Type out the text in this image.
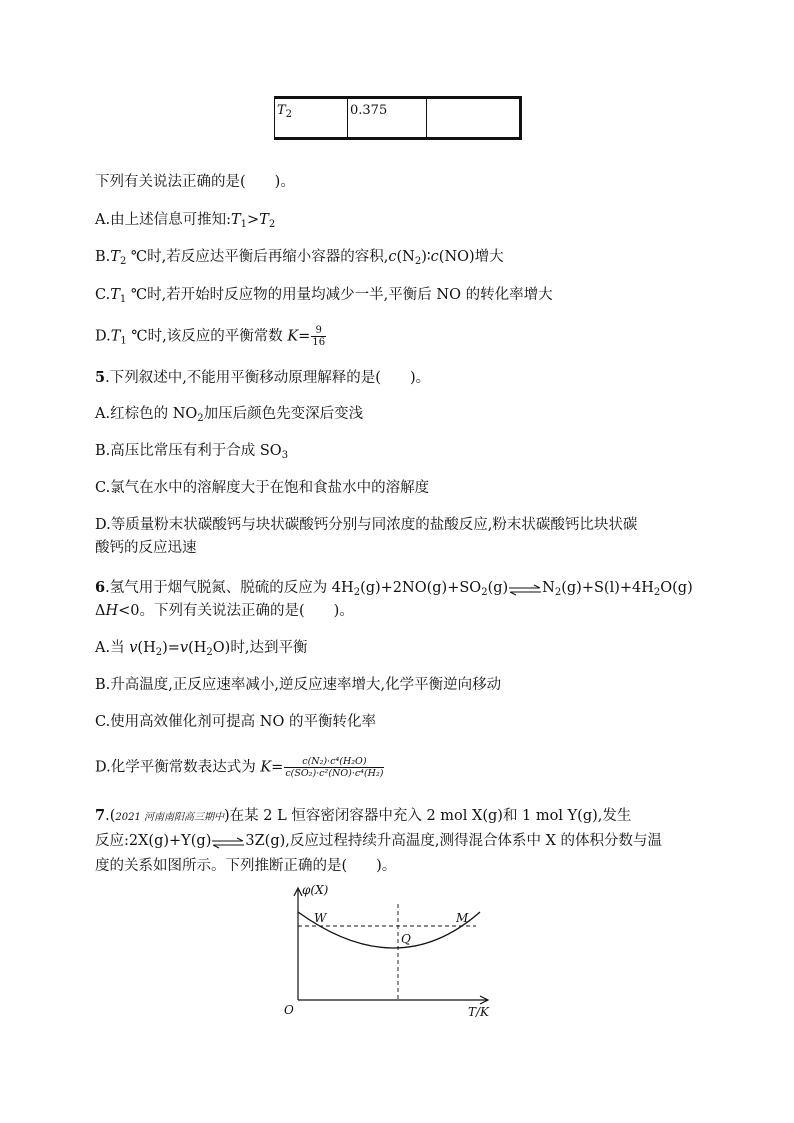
$T_2$	0.375	
下列有关说法正确的是(　　)。
A.由上述信息可推知$:T_1>T_2$
$B.T_2$ ℃时,若反应达平衡后再缩小容器的容积$,c(N_2)∶c(NO)$增大
$C.T_1$ ℃时,若开始时反应物的用量均减少一半,平衡后 NO 的转化率增大
$D.T_1$ ℃时,该反应的平衡常数 $K= \frac{9}{16}$
5.下列叙述中,不能用平衡移动原理解释的是(　　)。
A.红棕色的 $NO_2$加压后颜色先变深后变浅
B.高压比常压有利于合成 $SO_3$
C.氯气在水中的溶解度大于在饱和食盐水中的溶解度
D.等质量粉末状碳酸钙与块状碳酸钙分别与同浓度的盐酸反应,粉末状碳酸钙比块状碳
酸钙的反应迅速
6.氢气用于烟气脱氮、脱硫的反应为 $4H_2(g)+2NO(g)+SO_2(g)\rightleftharpoons N_2(g)+S(l)+4H_2O(g)$
ΔH<0。下列有关说法正确的是(　　)。
A.当 $v(H_2)=v(H_2O)$时,达到平衡
B.升高温度,正反应速率减小,逆反应速率增大,化学平衡逆向移动
C.使用高效催化剂可提高 NO 的平衡转化率
D.化学平衡常数表达式为 $K= \frac{\text{c(N₂)·c⁴(H₂O)}}{\text{c(SO₂)·c²(NO)·c⁴(H₂)}}$
7.(2021 河南南阳高三期中)在某 2 L 恒容密闭容器中充入 2 mol X(g)和 1 mol Y(g),发生
反应:2X(g)+Y(g)⇌3Z(g),反应过程持续升高温度,测得混合体系中 X 的体积分数与温
度的关系如图所示。下列推断正确的是(　　)。
φ(X)
T/K
O
W
Q
M
